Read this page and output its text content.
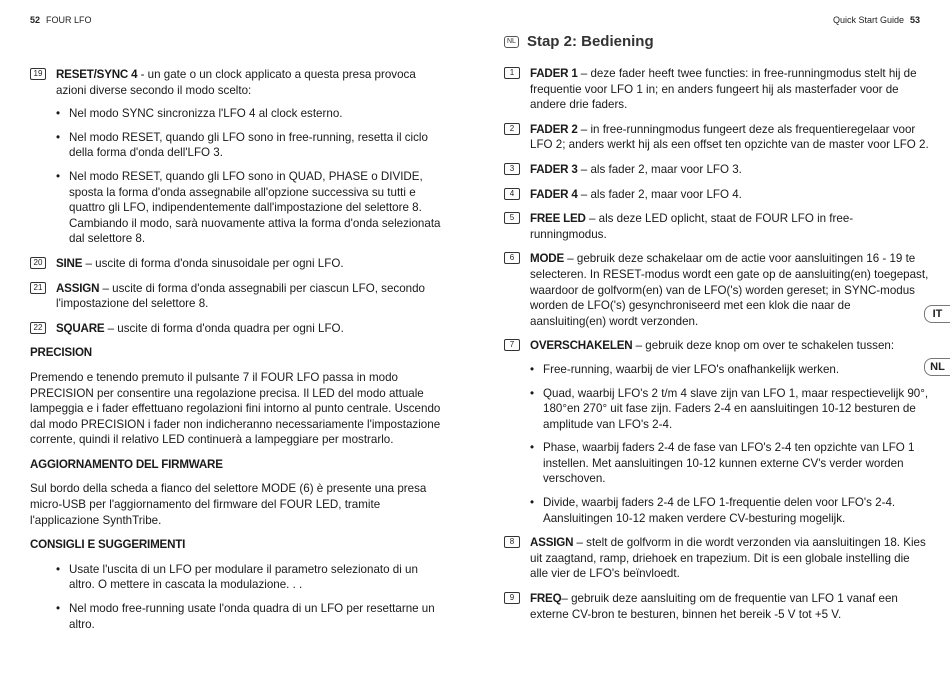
52 FOUR LFO
19	RESET/SYNC 4 - un gate o un clock applicato a questa presa provoca azioni diverse secondo il modo scelto:
• Nel modo SYNC sincronizza l'LFO 4 al clock esterno.
• Nel modo RESET, quando gli LFO sono in free-running, resetta il ciclo della forma d'onda dell'LFO 3.
• Nel modo RESET, quando gli LFO sono in QUAD, PHASE o DIVIDE, sposta la forma d'onda assegnabile all'opzione successiva su tutti e quattro gli LFO, indipendentemente dall'impostazione del selettore 8. Cambiando il modo, sarà nuovamente attiva la forma d'onda selezionata dal selettore 8.
20	SINE – uscite di forma d'onda sinusoidale per ogni LFO.
21	ASSIGN – uscite di forma d'onda assegnabili per ciascun LFO, secondo l'impostazione del selettore 8.
22	SQUARE – uscite di forma d'onda quadra per ogni LFO.
PRECISION
Premendo e tenendo premuto il pulsante 7 il FOUR LFO passa in modo PRECISION per consentire una regolazione precisa. Il LED del modo attuale lampeggia e i fader effettuano regolazioni fini intorno al punto centrale. Uscendo dal modo PRECISION i fader non indicheranno necessariamente l'impostazione corrente, quindi il relativo LED continuerà a lampeggiare per mostrarlo.
AGGIORNAMENTO DEL FIRMWARE
Sul bordo della scheda a fianco del selettore MODE (6) è presente una presa micro-USB per l'aggiornamento del firmware del FOUR LED, tramite l'applicazione SynthTribe.
CONSIGLI E SUGGERIMENTI
• Usate l'uscita di un LFO per modulare il parametro selezionato di un altro. O mettere in cascata la modulazione. . .
• Nel modo free-running usate l'onda quadra di un LFO per resettarne un altro.
Quick Start Guide 53
NL Stap 2: Bediening
1	FADER 1 – deze fader heeft twee functies: in free-runningmodus stelt hij de frequentie voor LFO 1 in; en anders fungeert hij als masterfader voor de andere drie faders.
2	FADER 2 – in free-runningmodus fungeert deze als frequentieregelaar voor LFO 2; anders werkt hij als een offset ten opzichte van de master voor LFO 2.
3	FADER 3 – als fader 2, maar voor LFO 3.
4	FADER 4 – als fader 2, maar voor LFO 4.
5	FREE LED – als deze LED oplicht, staat de FOUR LFO in free-runningmodus.
6	MODE – gebruik deze schakelaar om de actie voor aansluitingen 16 - 19 te selecteren. In RESET-modus wordt een gate op de aansluiting(en) toegepast, waardoor de golfvorm(en) van de LFO('s) worden gereset; in SYNC-modus worden de LFO('s) gesynchroniseerd met een klok die naar de aansluiting(en) wordt verzonden.
7	OVERSCHAKELEN – gebruik deze knop om over te schakelen tussen:
• Free-running, waarbij de vier LFO's onafhankelijk werken.
• Quad, waarbij LFO's 2 t/m 4 slave zijn van LFO 1, maar respectievelijk 90°, 180°en 270° uit fase zijn. Faders 2-4 en aansluitingen 10-12 besturen de amplitude van LFO's 2-4.
• Phase, waarbij faders 2-4 de fase van LFO's 2-4 ten opzichte van LFO 1 instellen. Met aansluitingen 10-12 kunnen externe CV's verder worden verschoven.
• Divide, waarbij faders 2-4 de LFO 1-frequentie delen voor LFO's 2-4. Aansluitingen 10-12 maken verdere CV-besturing mogelijk.
8	ASSIGN – stelt de golfvorm in die wordt verzonden via aansluitingen 18. Kies uit zaagtand, ramp, driehoek en trapezium. Dit is een globale instelling die alle vier de LFO's beïnvloedt.
9	FREQ– gebruik deze aansluiting om de frequentie van LFO 1 vanaf een externe CV-bron te besturen, binnen het bereik -5 V tot +5 V.
IT
NL
